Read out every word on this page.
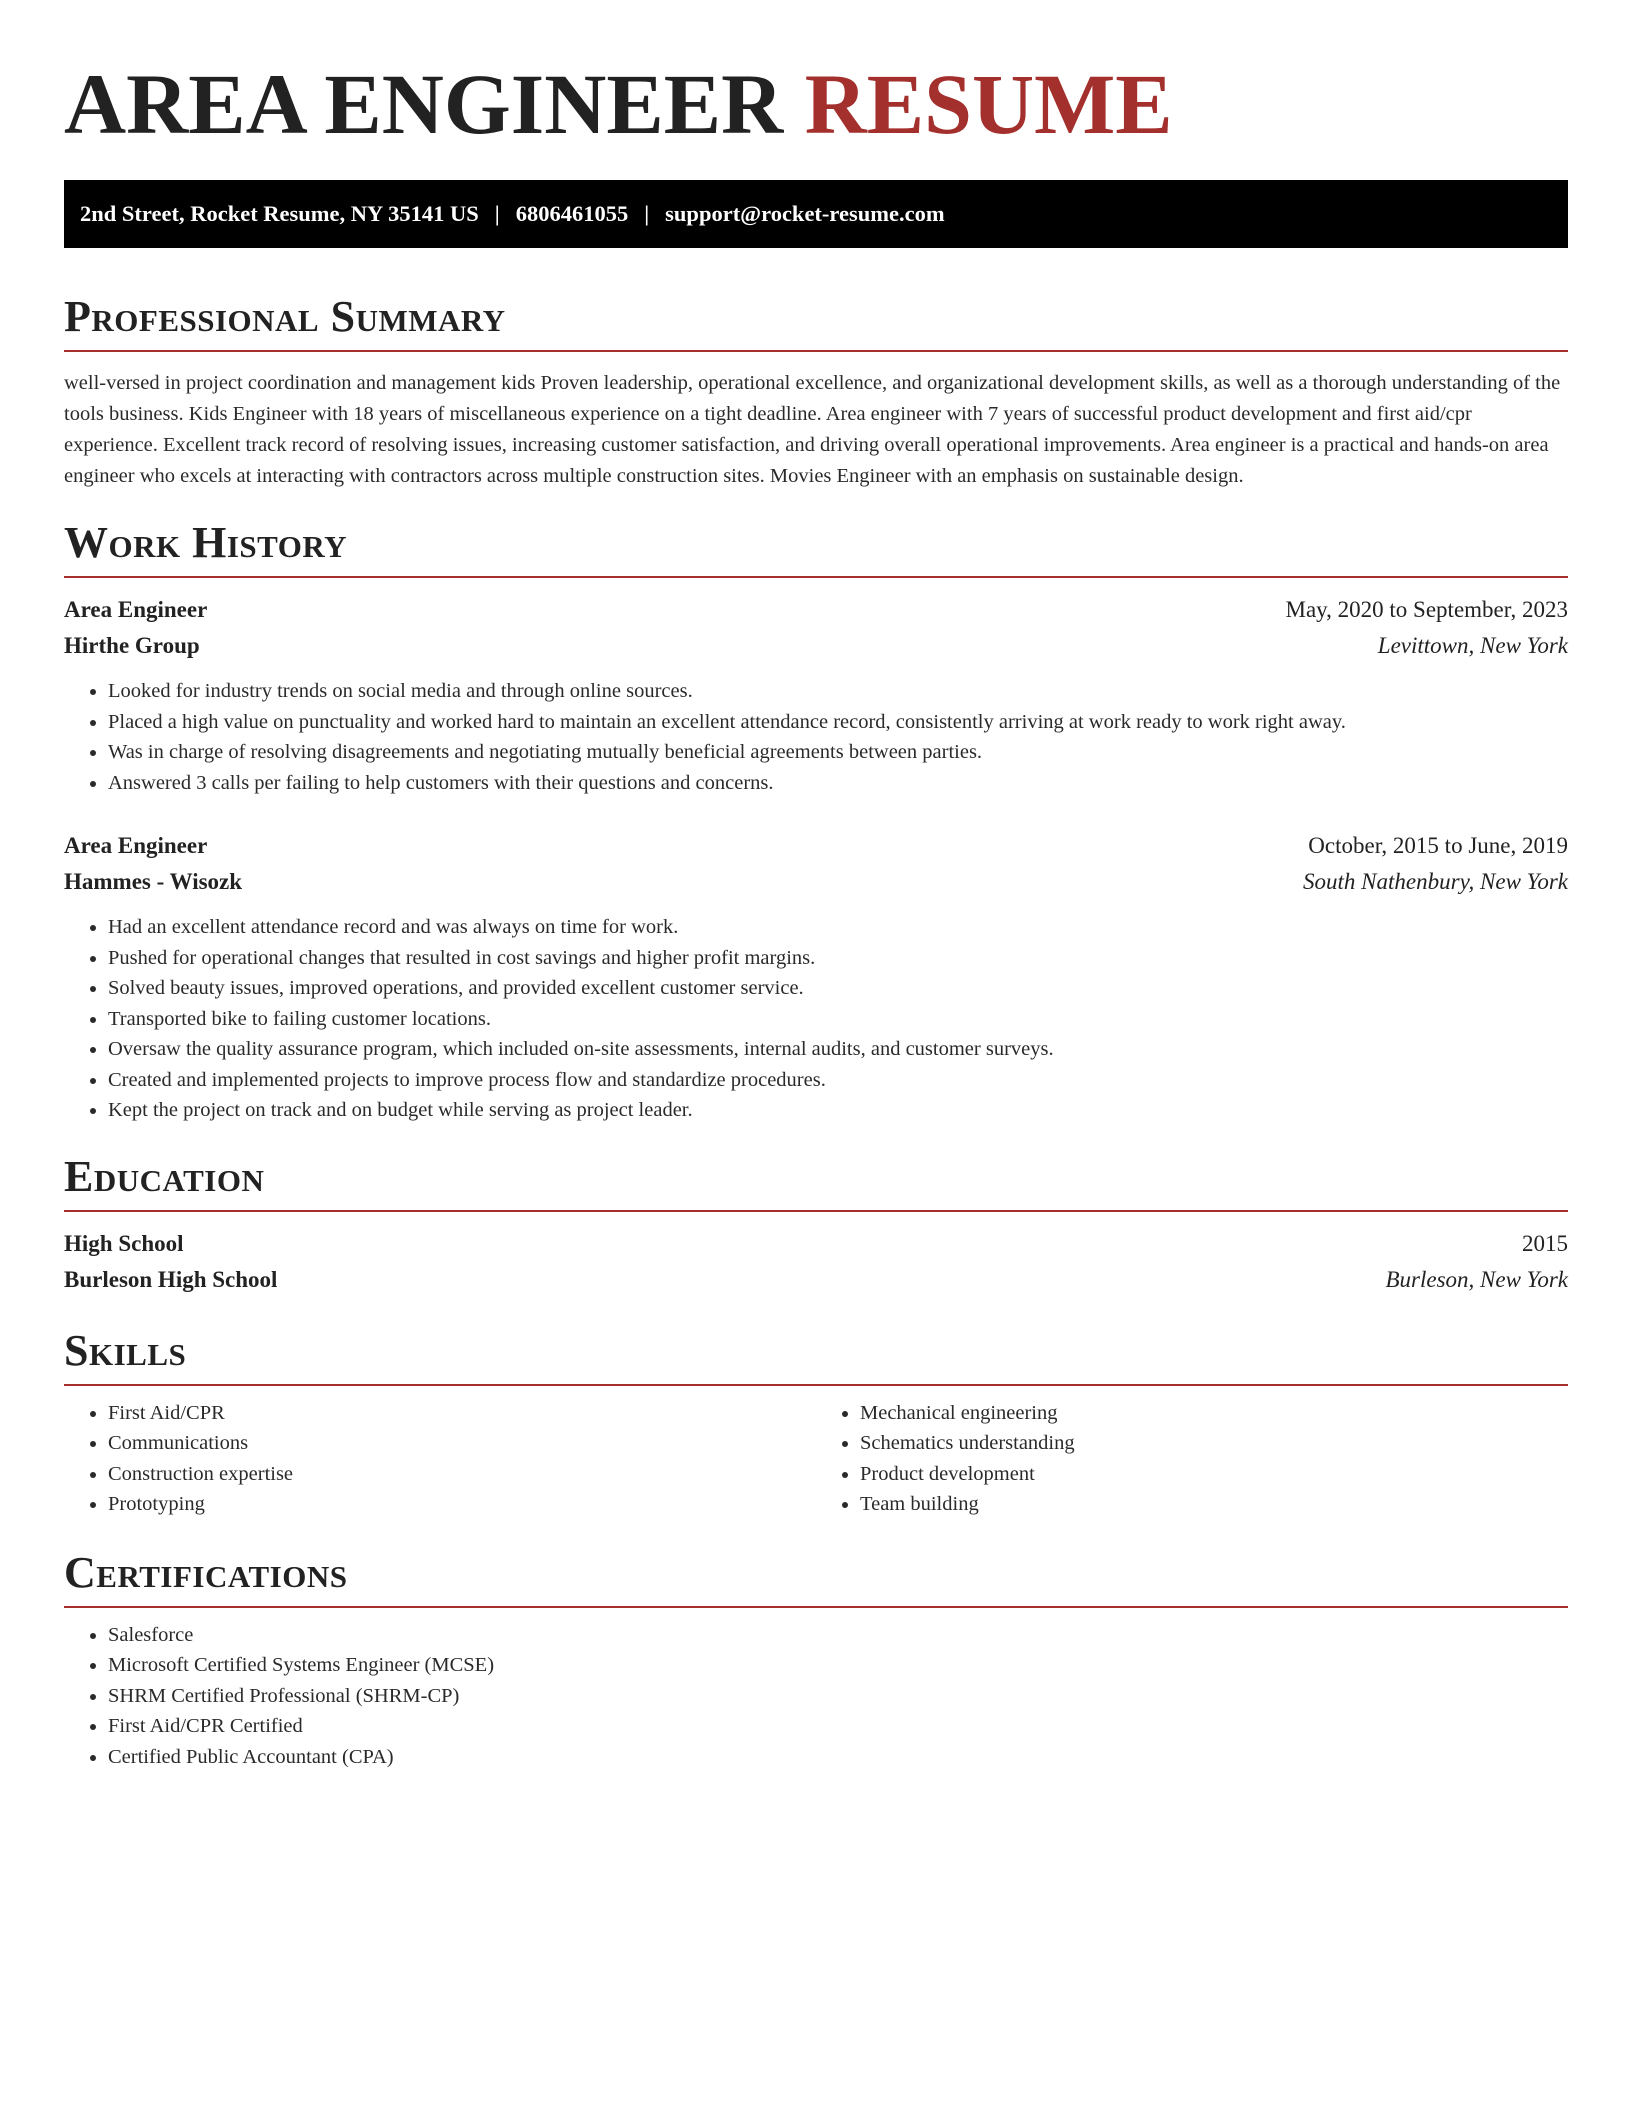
AREA ENGINEER RESUME
2nd Street, Rocket Resume, NY 35141 US | 6806461055 | support@rocket-resume.com
Professional Summary

well-versed in project coordination and management kids Proven leadership, operational excellence, and organizational development skills, as well as a thorough understanding of the tools business. Kids Engineer with 18 years of miscellaneous experience on a tight deadline. Area engineer with 7 years of successful product development and first aid/cpr experience. Excellent track record of resolving issues, increasing customer satisfaction, and driving overall operational improvements. Area engineer is a practical and hands-on area engineer who excels at interacting with contractors across multiple construction sites. Movies Engineer with an emphasis on sustainable design.

Work History
Area Engineer	May, 2020 to September, 2023
Hirthe Group	Levittown, New York
• Looked for industry trends on social media and through online sources.
• Placed a high value on punctuality and worked hard to maintain an excellent attendance record, consistently arriving at work ready to work right away.
• Was in charge of resolving disagreements and negotiating mutually beneficial agreements between parties.
• Answered 3 calls per failing to help customers with their questions and concerns.
Area Engineer	October, 2015 to June, 2019
Hammes - Wisozk	South Nathenbury, New York
• Had an excellent attendance record and was always on time for work.
• Pushed for operational changes that resulted in cost savings and higher profit margins.
• Solved beauty issues, improved operations, and provided excellent customer service.
• Transported bike to failing customer locations.
• Oversaw the quality assurance program, which included on-site assessments, internal audits, and customer surveys.
• Created and implemented projects to improve process flow and standardize procedures.
• Kept the project on track and on budget while serving as project leader.
Education
High School	2015
Burleson High School	Burleson, New York
Skills
• First Aid/CPR
• Communications
• Construction expertise
• Prototyping
• Mechanical engineering
• Schematics understanding
• Product development
• Team building
Certifications
• Salesforce
• Microsoft Certified Systems Engineer (MCSE)
• SHRM Certified Professional (SHRM-CP)
• First Aid/CPR Certified
• Certified Public Accountant (CPA)
